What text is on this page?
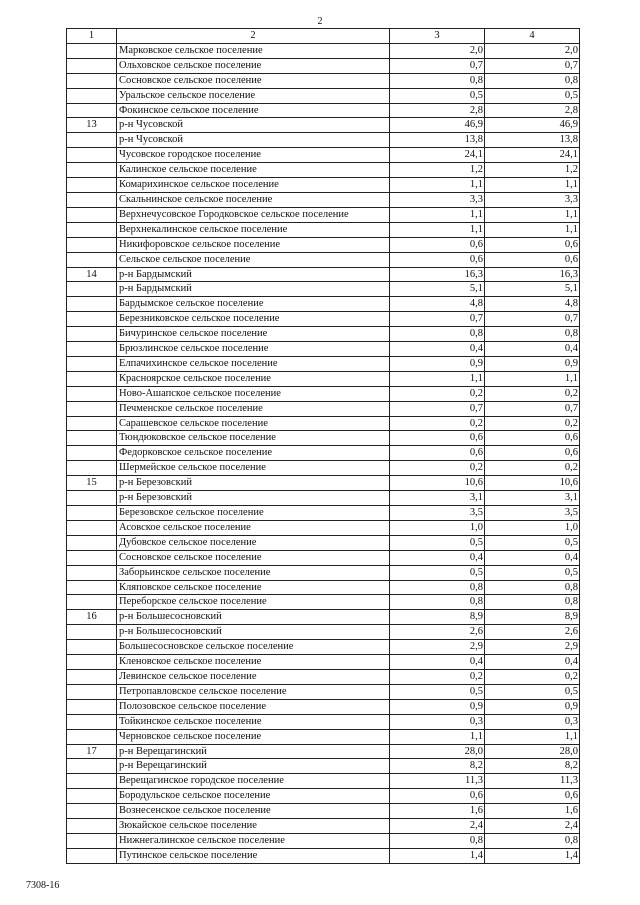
2
1	2	3	4
	Марковское сельское поселение	2,0	2,0
	Ольховское сельское поселение	0,7	0,7
	Сосновское сельское поселение	0,8	0,8
	Уральское сельское поселение	0,5	0,5
	Фокинское сельское поселение	2,8	2,8
13	р-н Чусовской	46,9	46,9
	р-н Чусовской	13,8	13,8
	Чусовское городское поселение	24,1	24,1
	Калинское сельское поселение	1,2	1,2
	Комарихинское сельское поселение	1,1	1,1
	Скальнинское сельское поселение	3,3	3,3
	Верхнечусовское Городковское сельское поселение	1,1	1,1
	Верхнекалинское сельское поселение	1,1	1,1
	Никифоровское сельское поселение	0,6	0,6
	Сельское сельское поселение	0,6	0,6
14	р-н Бардымский	16,3	16,3
	р-н Бардымский	5,1	5,1
	Бардымское сельское поселение	4,8	4,8
	Березниковское сельское поселение	0,7	0,7
	Бичуринское сельское поселение	0,8	0,8
	Брюзлинское сельское поселение	0,4	0,4
	Елпачихинское сельское поселение	0,9	0,9
	Красноярское сельское поселение	1,1	1,1
	Ново-Ашапское сельское поселение	0,2	0,2
	Печменское сельское поселение	0,7	0,7
	Сарашевское сельское поселение	0,2	0,2
	Тюндюковское сельское поселение	0,6	0,6
	Федорковское сельское поселение	0,6	0,6
	Шермейское сельское поселение	0,2	0,2
15	р-н Березовский	10,6	10,6
	р-н Березовский	3,1	3,1
	Березовское сельское поселение	3,5	3,5
	Асовское сельское поселение	1,0	1,0
	Дубовское сельское поселение	0,5	0,5
	Сосновское сельское поселение	0,4	0,4
	Заборьинское сельское поселение	0,5	0,5
	Кляповское сельское поселение	0,8	0,8
	Переборское сельское поселение	0,8	0,8
16	р-н Большесосновский	8,9	8,9
	р-н Большесосновский	2,6	2,6
	Большесосновское сельское поселение	2,9	2,9
	Кленовское сельское поселение	0,4	0,4
	Левинское сельское поселение	0,2	0,2
	Петропавловское сельское поселение	0,5	0,5
	Полозовское сельское поселение	0,9	0,9
	Тойкинское сельское поселение	0,3	0,3
	Черновское сельское поселение	1,1	1,1
17	р-н Верещагинский	28,0	28,0
	р-н Верещагинский	8,2	8,2
	Верещагинское городское поселение	11,3	11,3
	Бородульское сельское поселение	0,6	0,6
	Вознесенское сельское поселение	1,6	1,6
	Зюкайское сельское поселение	2,4	2,4
	Нижнегалинское сельское поселение	0,8	0,8
	Путинское сельское поселение	1,4	1,4
7308-16
